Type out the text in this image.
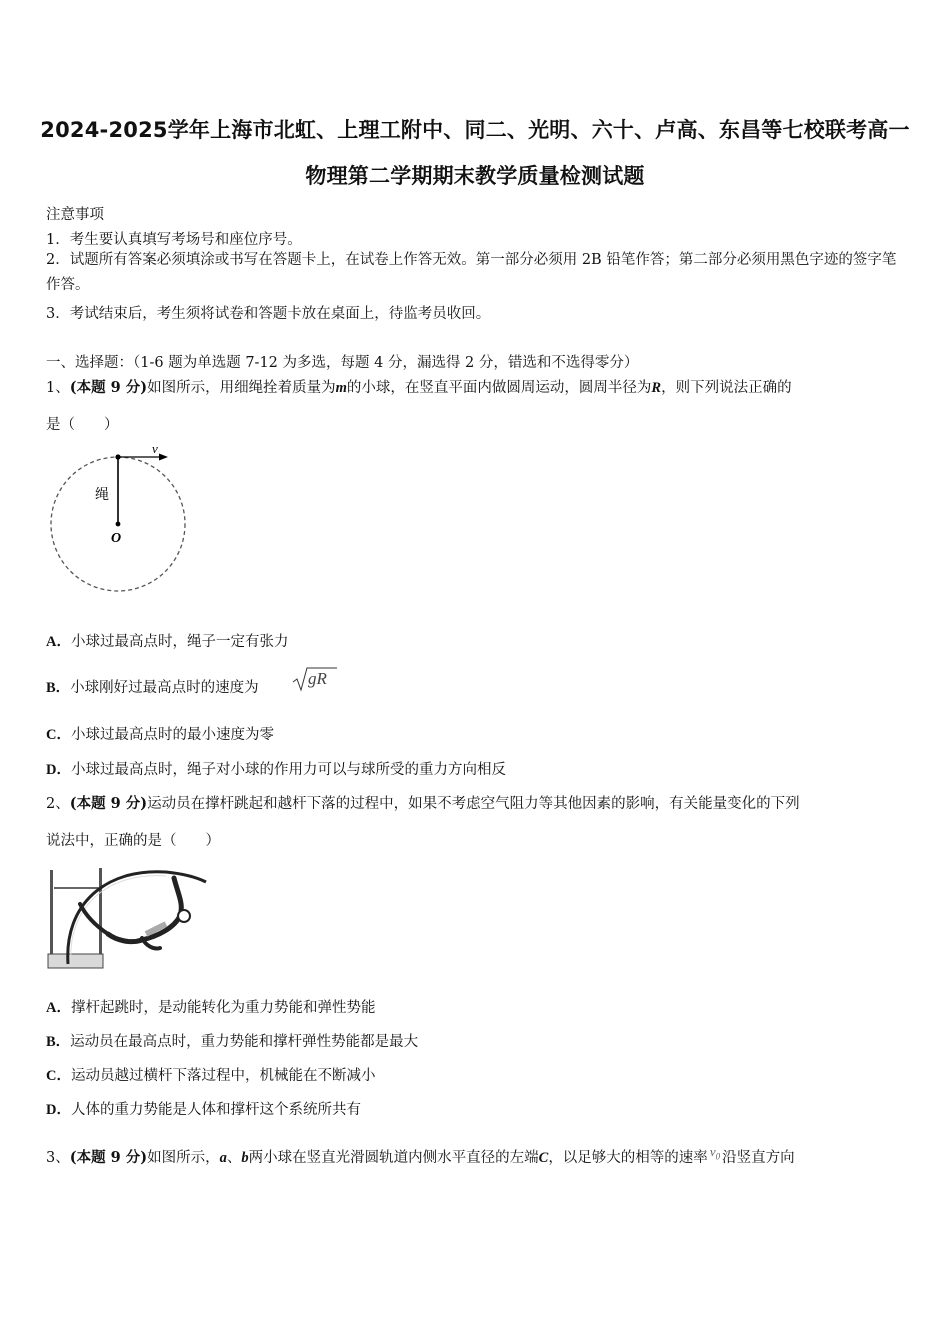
2024-2025学年上海市北虹、上理工附中、同二、光明、六十、卢高、东昌等七校联考高一
物理第二学期期末教学质量检测试题
注意事项
1．考生要认真填写考场号和座位序号。
2．试题所有答案必须填涂或书写在答题卡上，在试卷上作答无效。第一部分必须用 2B 铅笔作答；第二部分必须用黑色字迹的签字笔作答。
3．考试结束后，考生须将试卷和答题卡放在桌面上，待监考员收回。
一、选择题：（1-6 题为单选题 7-12 为多选，每题 4 分，漏选得 2 分，错选和不选得零分）
1、(本题 9 分)如图所示，用细绳拴着质量为m的小球，在竖直平面内做圆周运动，圆周半径为R，则下列说法正确的
是（　　）
v
绳
O
A．小球过最高点时，绳子一定有张力
B．小球刚好过最高点时的速度为	gR
C．小球过最高点时的最小速度为零
D．小球过最高点时，绳子对小球的作用力可以与球所受的重力方向相反
2、(本题 9 分)运动员在撑杆跳起和越杆下落的过程中，如果不考虑空气阻力等其他因素的影响，有关能量变化的下列
说法中，正确的是（　　）
A．撑杆起跳时，是动能转化为重力势能和弹性势能
B．运动员在最高点时，重力势能和撑杆弹性势能都是最大
C．运动员越过横杆下落过程中，机械能在不断减小
D．人体的重力势能是人体和撑杆这个系统所共有
3、(本题 9 分)如图所示，a、b两小球在竖直光滑圆轨道内侧水平直径的左端C，以足够大的相等的速率 $v_0$ 沿竖直方向
